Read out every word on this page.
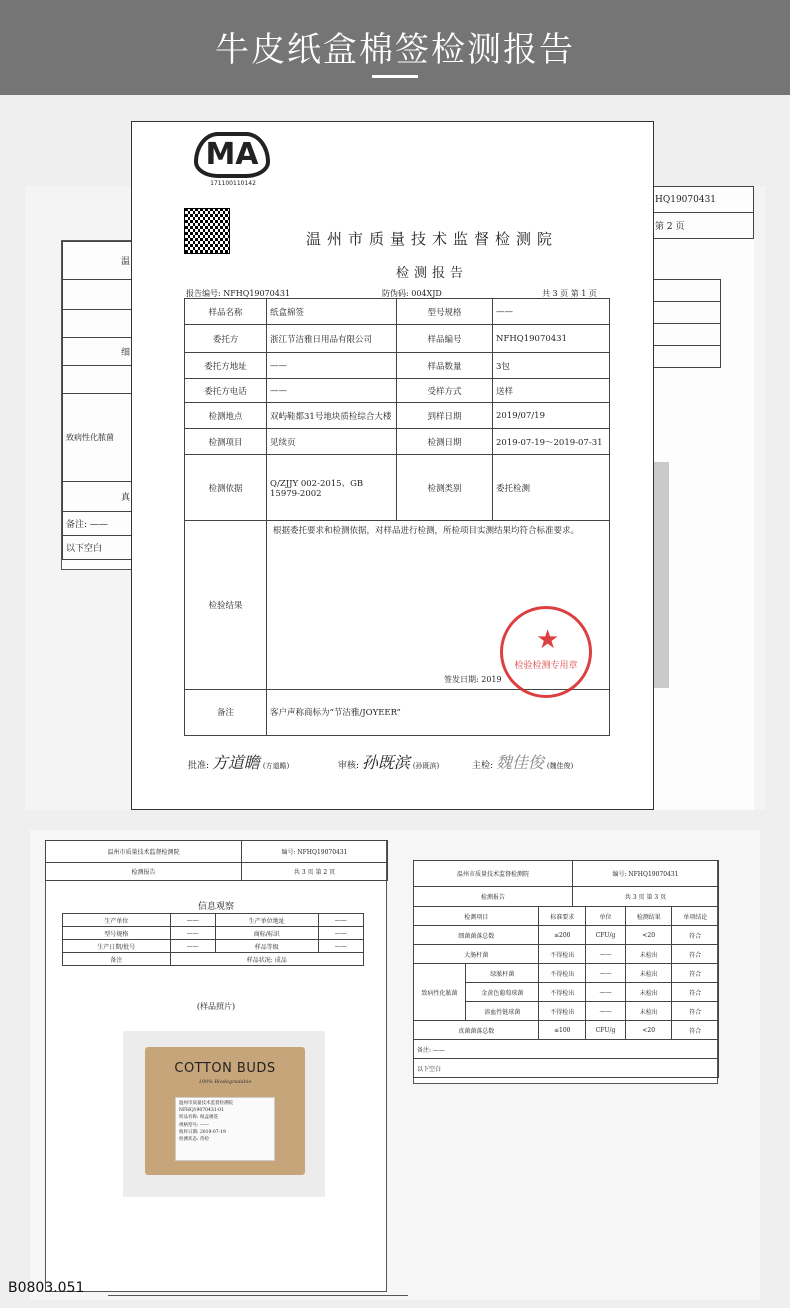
牛皮纸盒棉签检测报告
温

细

致病性化脓菌
真
备注: ——
以下空白
HQ19070431
第 2 页

MA
171100110142
温州市质量技术监督检测院
检测报告
报告编号: NFHQ19070431	防伪码: 004XJD	共 3 页 第 1 页
样品名称	纸盒棉签	型号规格	——
委托方	浙江节洁雅日用品有限公司	样品编号	NFHQ19070431
委托方地址	——	样品数量	3包
委托方电话	——	受样方式	送样
检测地点	双屿鞋都31号地块质检综合大楼	到样日期	2019/07/19
检测项目	见续页	检测日期	2019-07-19～2019-07-31
检测依据	Q/ZJJY 002-2015、GB 15979-2002	检测类别	委托检测
检验结果	根据委托要求和检测依据，对样品进行检测，所检项目实测结果均符合标准要求。		
备注	客户声称商标为“节洁雅/JOYEER”		
签发日期: 2019
★
检验检测专用章
批准: 方道瞻 (方道瞻)	审核: 孙既滨 (孙既滨)	主检: 魏佳俊 (魏佳俊)
温州市质量技术监督检测院	编号: NFHQ19070431
检测报告	共 3 页 第 2 页
信息观察
生产单位	——	生产单位地址	——
型号规格	——	商标/标识	——
生产日期/批号	——	样品等级	——
备注	样品状况: 成品		
(样品照片)
COTTON BUDS
100% Biodegradable
温州市质量技术监督检测院
NFHQ19070431-01
样品名称: 纸盒棉签
规格型号: ——
收样日期: 2019-07-19
检测状态: 待检
温州市质量技术监督检测院	编号: NFHQ19070431
检测报告	共 3 页 第 3 页
检测项目		标准要求	单位	检测结果	单项结论
细菌菌落总数		≤200	CFU/g	<20	符合
大肠杆菌		不得检出	——	未检出	符合
致病性化脓菌	绿脓杆菌	不得检出	——	未检出	符合
	金黄色葡萄球菌	不得检出	——	未检出	符合
	溶血性链球菌	不得检出	——	未检出	符合
真菌菌落总数		≤100	CFU/g	<20	符合
备注: ——					
以下空白					
B0803.051
